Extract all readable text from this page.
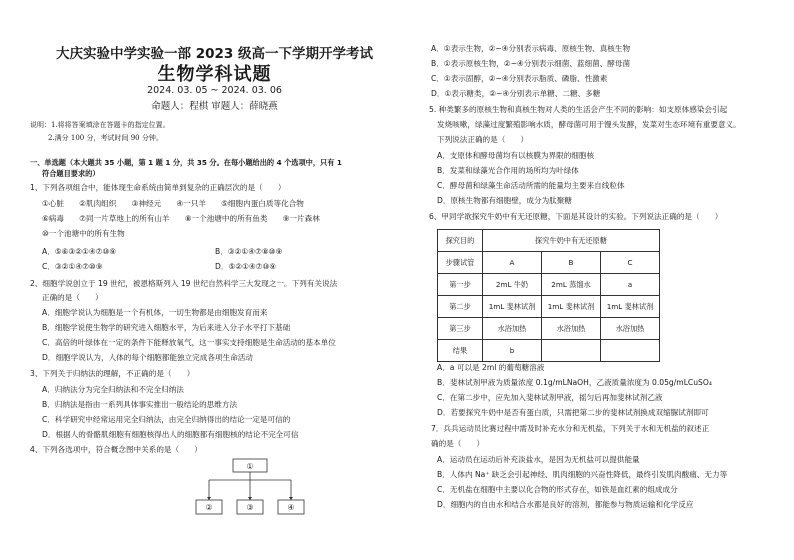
大庆实验中学实验一部 2023 级高一下学期开学考试
生物学科试题
2024. 03. 05 ~ 2024. 03. 06
命题人：程棋 审题人：薛晓燕
说明：1.将将答案填涂在答题卡的指定位置。
2.满分 100 分，考试时间 90 分钟。
一、单选题（本大题共 35 小题，第 1 题 1 分，共 35 分。在每小题给出的 4 个选项中，只有 1
符合题目要求的）
1、下列各项组合中，能体现生命系统由简单到复杂的正确层次的是（　　）
①心脏　　②肌肉组织　　③神经元　　④一只羊　　⑤细胞内蛋白质等化合物
⑥病毒　　⑦同一片草地上的所有山羊　　⑧一个池塘中的所有鱼类　　⑨一片森林
⑩一个池塘中的所有生物
A．⑤⑥③②①④⑦⑩⑨	B．③②①④⑦⑧⑩⑨
C．③②①④⑦⑩⑨	D．⑤②①④⑦⑩⑨
2、细胞学说创立于 19 世纪，被恩格斯列入 19 世纪自然科学三大发现之一。下列有关说法
正确的是（　　）
A．细胞学说认为细胞是一个有机体，一切生物都是由细胞发育而来
B．细胞学说使生物学的研究进入细胞水平，为后来进入分子水平打下基础
C．高倍的叶绿体在一定的条件下能释放氧气，这一事实支持细胞是生命活动的基本单位
D．细胞学说认为，人体的每个细胞都能独立完成各项生命活动
3、下列关于归纳法的理解，不正确的是（　　）
A．归纳法分为完全归纳法和不完全归纳法
B．归纳法是指由一系列具体事实推出一般结论的思维方法
C．科学研究中经常运用完全归纳法，由完全归纳得出的结论一定是可信的
D．根据人的骨骼肌细胞有细胞核得出人的细胞都有细胞核的结论不完全可信
4、下列各选项中，符合概念图中关系的是（　　）
①
②	③	④
A．①表示生物，②~④分别表示病毒、原核生物、真核生物
B．①表示原核生物，②~④分别表示细菌、蓝细菌、酵母菌
C．①表示固醇，②~④分别表示脂质、磷脂、性激素
D．①表示糖类，②~④分别表示单糖、二糖、多糖
5. 种类繁多的原核生物和真核生物对人类的生活会产生不同的影响：如支原体感染会引起
发烧咳嗽，绿藻过度繁殖影响水质，酵母菌可用于馒头发酵，发菜对生态环境有重要意义。
下列说法正确的是（　　）
A．支原体和酵母菌均有以核膜为界限的细胞核
B．发菜和绿藻光合作用的场所均为叶绿体
C．酵母菌和绿藻生命活动所需的能量均主要来自线粒体
D．原核生物都有细胞壁，成分为肽聚糖
6、甲同学欲探究牛奶中有无还原糖，下面是其设计的实验。下列说法正确的是（　　）
探究目的	探究牛奶中有无还原糖		
步骤试管	A	B	C
第一步	2mL 牛奶	2mL 蒸馏水	a
第二步	1mL 斐林试剂	1mL 斐林试剂	1mL 斐林试剂
第三步	水浴加热	水浴加热	水浴加热
结果	b		
A．a 可以是 2ml 的葡萄糖溶液
B．斐林试剂甲液为质量浓度 0.1g/mLNaOH，乙液质量浓度为 0.05g/mLCuSO₄
C．在第二步中，应先加入斐林试剂甲液，摇匀后再加斐林试剂乙液
D．若要探究牛奶中是否有蛋白质，只需把第二步的斐林试剂换成双缩脲试剂即可
7．兵兵运动员比赛过程中需及时补充水分和无机盐，下列关于水和无机盐的叙述正
确的是（　　）
A．运动员在运动后补充淡盐水，是因为无机盐可以提供能量
B．人体内 Na⁺ 缺乏会引起神经、肌肉细胞的兴奋性降低，最终引发肌肉酸痛、无力等
C．无机盐在细胞中主要以化合物的形式存在，如铁是血红素的组成成分
D．细胞内的自由水和结合水都是良好的溶剂，都能参与物质运输和化学反应
